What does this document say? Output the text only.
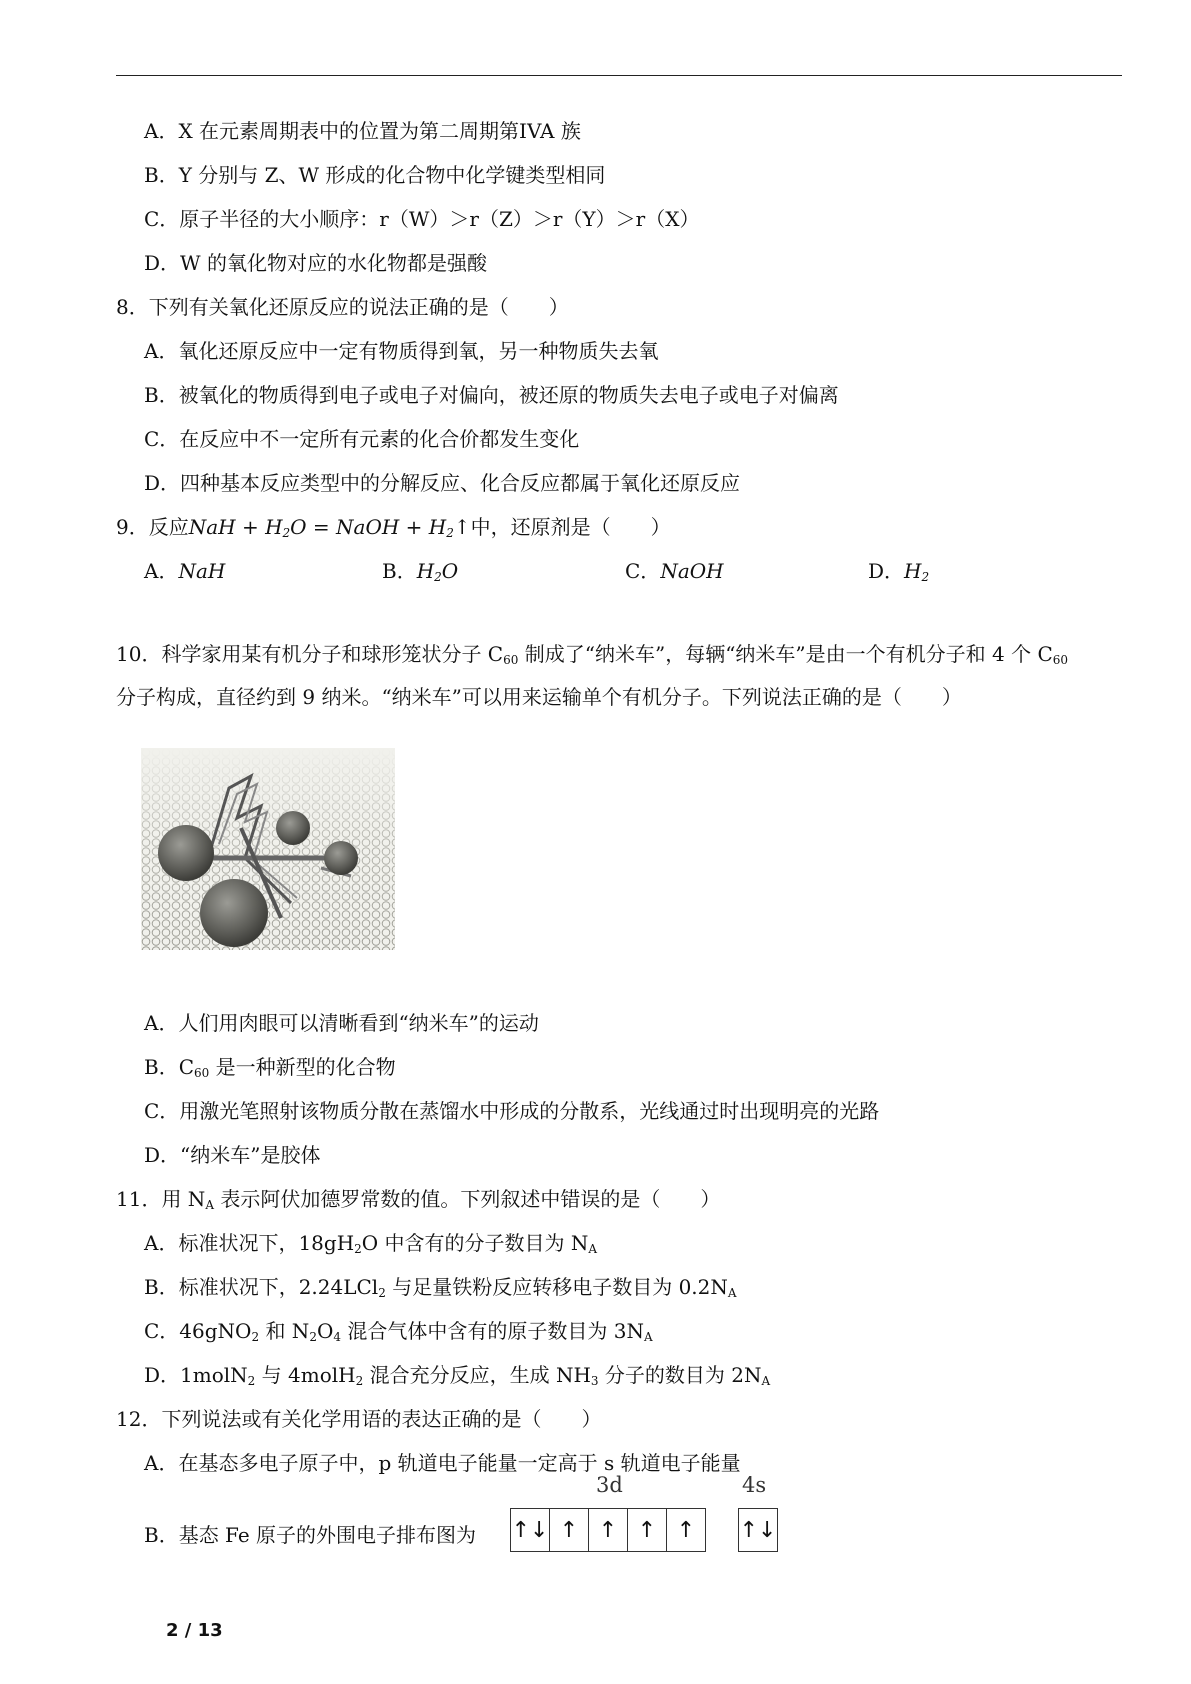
A．X 在元素周期表中的位置为第二周期第IVA 族
B．Y 分别与 Z、W 形成的化合物中化学键类型相同
C．原子半径的大小顺序：r（W）＞r（Z）＞r（Y）＞r（X）
D．W 的氧化物对应的水化物都是强酸
8．下列有关氧化还原反应的说法正确的是（　　）
A．氧化还原反应中一定有物质得到氧，另一种物质失去氧
B．被氧化的物质得到电子或电子对偏向，被还原的物质失去电子或电子对偏离
C．在反应中不一定所有元素的化合价都发生变化
D．四种基本反应类型中的分解反应、化合反应都属于氧化还原反应
9．反应NaH + $H_2O$ = NaOH + $H_2↑$中，还原剂是（　　）
A．NaH	B．$H_2O$	C．NaOH	D．$H_2$
10．科学家用某有机分子和球形笼状分子 $C_{60}$ 制成了“纳米车”，每辆“纳米车”是由一个有机分子和 4 个 $C_{60}$
分子构成，直径约到 9 纳米。“纳米车”可以用来运输单个有机分子。下列说法正确的是（　　）
A．人们用肉眼可以清晰看到“纳米车”的运动
B．$C_{60}$ 是一种新型的化合物
C．用激光笔照射该物质分散在蒸馏水中形成的分散系，光线通过时出现明亮的光路
D．“纳米车”是胶体
11．用 $N_A$ 表示阿伏加德罗常数的值。下列叙述中错误的是（　　）
A．标准状况下，$18gH_2O$ 中含有的分子数目为 $N_A$
B．标准状况下，2.24LCl$_2$ 与足量铁粉反应转移电子数目为 $0.2N_A$
C．46gNO$_2$ 和 $N_2O_4$ 混合气体中含有的原子数目为 $3N_A$
D．1molN$_2$ 与 4molH$_2$ 混合充分反应，生成 $NH_3$ 分子的数目为 $2N_A$
12．下列说法或有关化学用语的表达正确的是（　　）
A．在基态多电子原子中，p 轨道电子能量一定高于 s 轨道电子能量
B．基态 Fe 原子的外围电子排布图为
3d	4s
↑↓ ↑ ↑ ↑ ↑	↑↓
2 / 13
